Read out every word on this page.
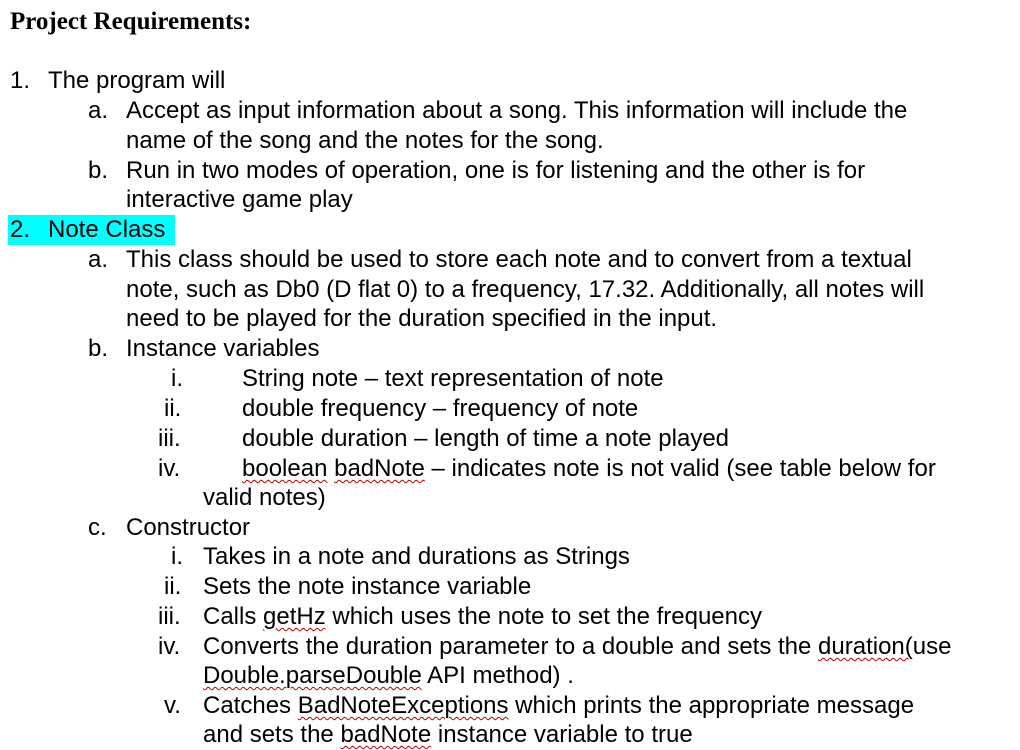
Project Requirements:
1. The program will
a. Accept as input information about a song. This information will include the
name of the song and the notes for the song.
b. Run in two modes of operation, one is for listening and the other is for
interactive game play
2. Note Class
a. This class should be used to store each note and to convert from a textual
note, such as Db0 (D flat 0) to a frequency, 17.32. Additionally, all notes will
need to be played for the duration specified in the input.
b. Instance variables
i. String note – text representation of note
ii.	double frequency – frequency of note
iii.	double duration – length of time a note played
iv.	boolean badNote – indicates note is not valid (see table below for
valid notes)
c. Constructor
i. Takes in a note and durations as Strings
ii. Sets the note instance variable
iii. Calls getHz which uses the note to set the frequency
iv. Converts the duration parameter to a double and sets the duration(use
Double.parseDouble API method) .
v. Catches BadNoteExceptions which prints the appropriate message
and sets the badNote instance variable to true
